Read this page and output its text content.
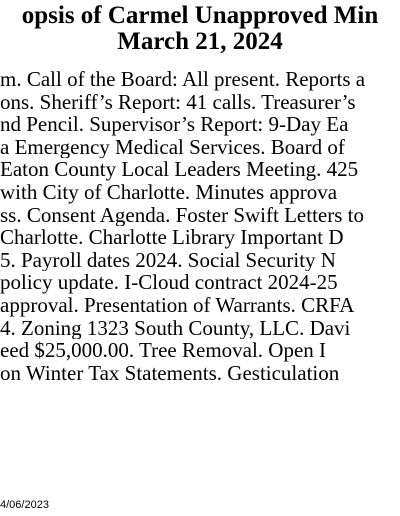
opsis of Carmel Unapproved Min
March 21, 2024
m. Call of the Board: All present. Reports a
ons. Sheriff’s Report: 41 calls. Treasurer’s
nd Pencil. Supervisor’s Report: 9-Day Ea
a Emergency Medical Services. Board of
Eaton County Local Leaders Meeting. 425
with City of Charlotte. Minutes approva
ss. Consent Agenda. Foster Swift Letters to
Charlotte. Charlotte Library Important D
5. Payroll dates 2024. Social Security N
policy update. I-Cloud contract 2024-25
approval. Presentation of Warrants. CRFA
4. Zoning 1323 South County, LLC. Davi
eed $25,000.00. Tree Removal. Open I
on Winter Tax Statements. Gesticulation
4/06/2023
